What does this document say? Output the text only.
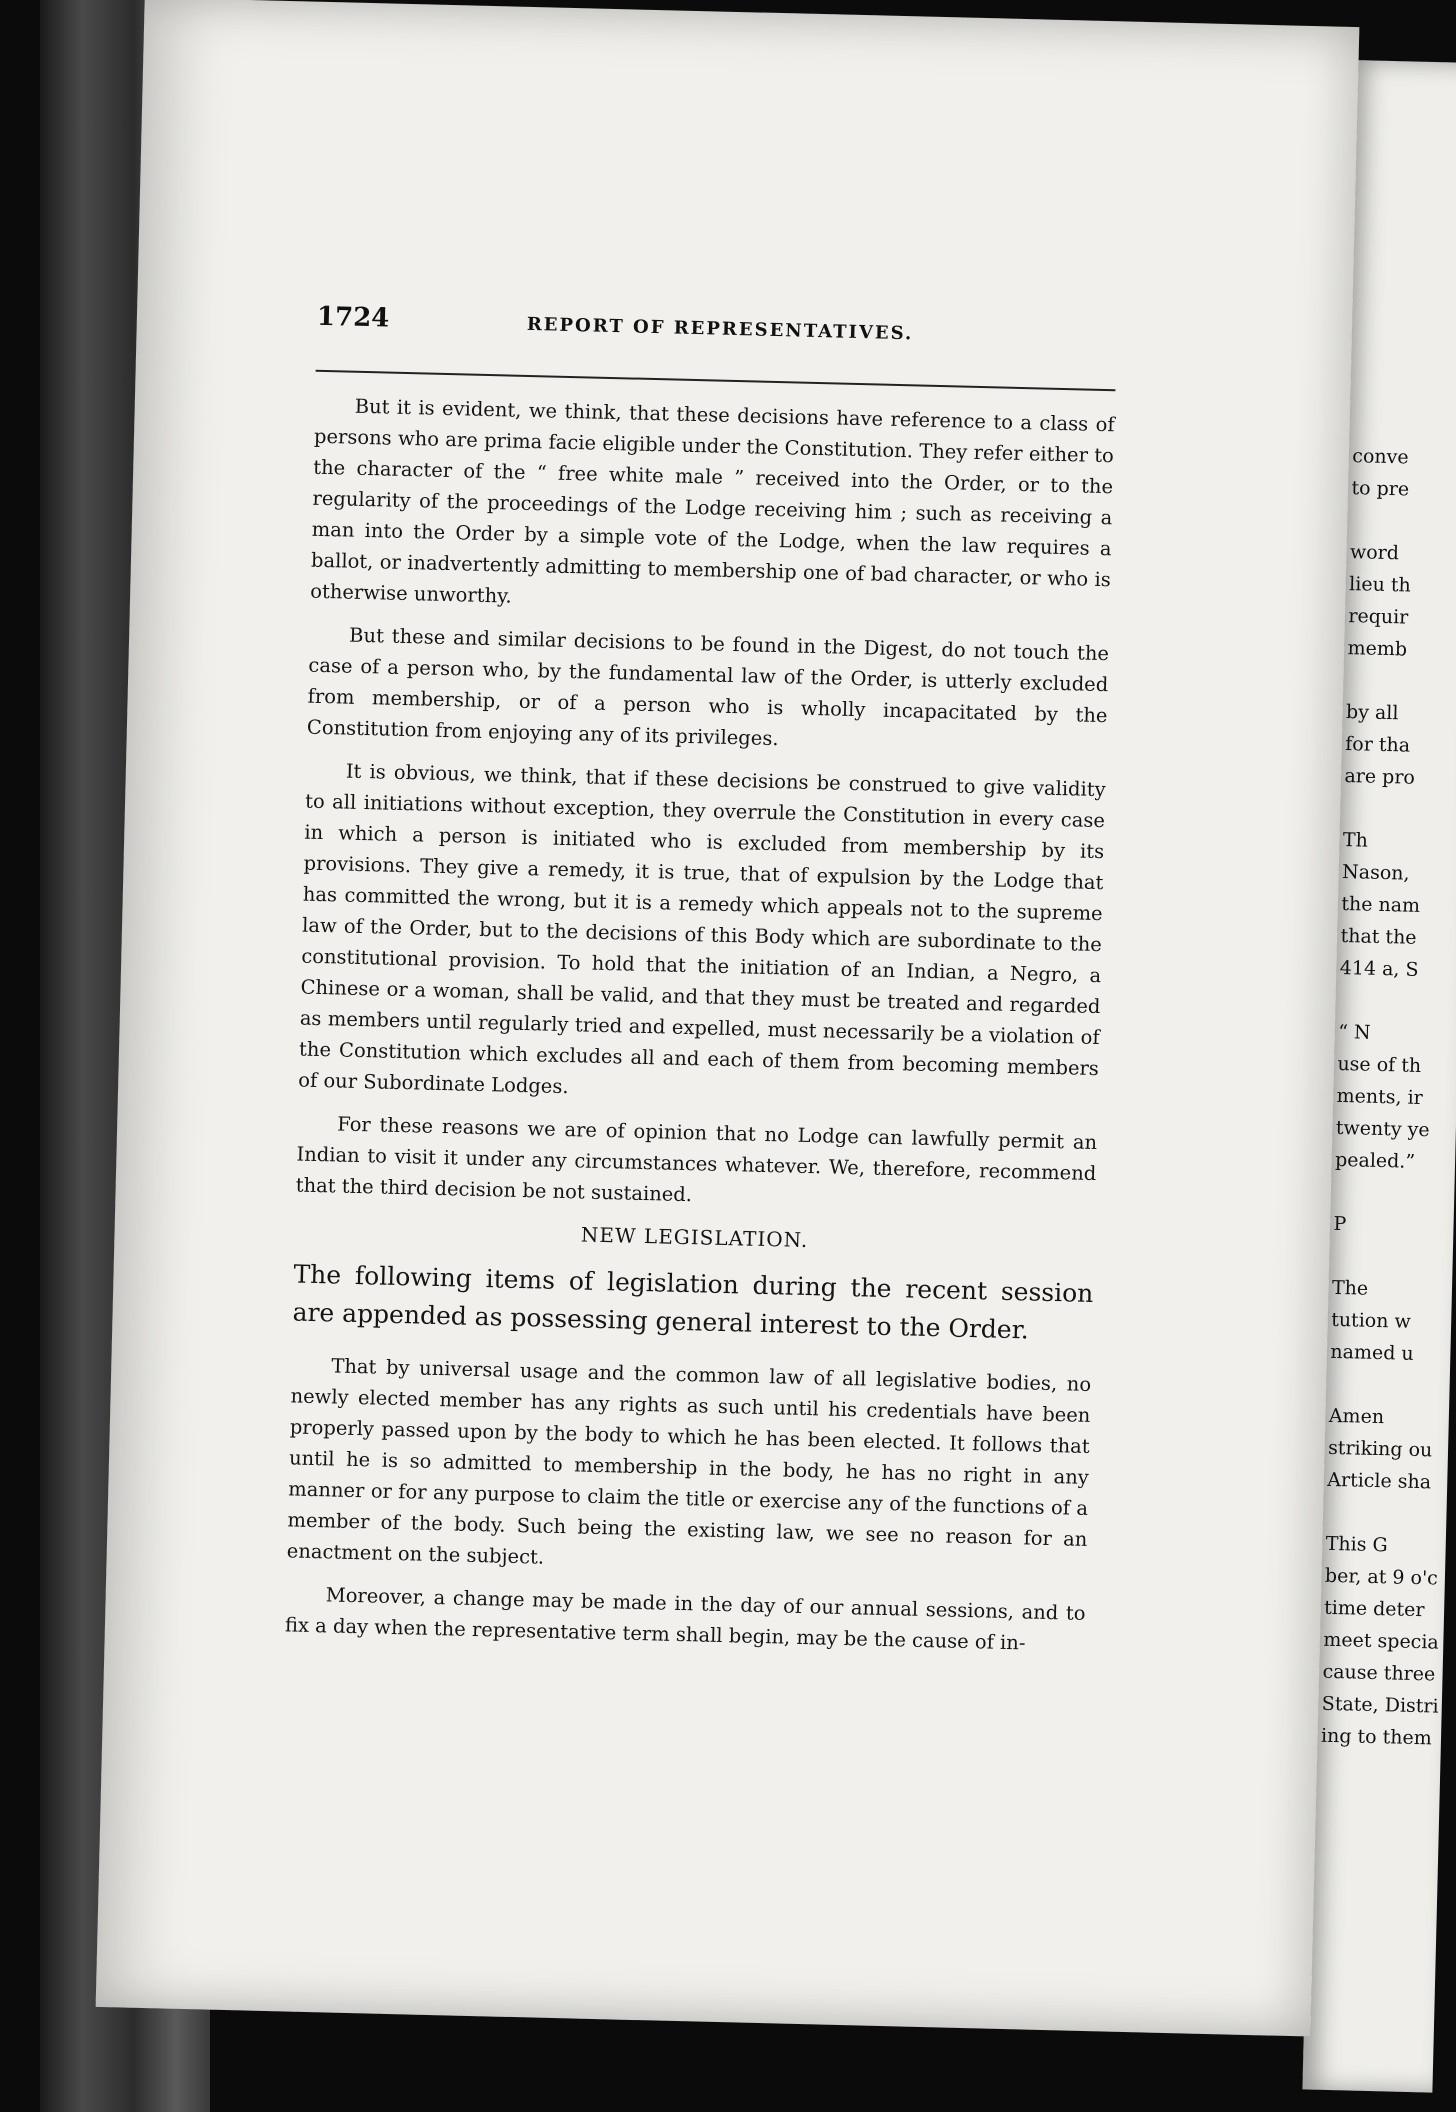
conve
to pre

word
lieu th
requir
memb

by all
for tha
are pro

Th
Nason,
the nam
that the
414 a, S

“ N
use of th
ments, ir
twenty ye
pealed.”

P

The
tution w
named u

Amen
striking ou
Article sha

This G
ber, at 9 o'c
time deter
meet specia
cause three
State, Distri
ing to them
1724	REPORT OF REPRESENTATIVES.

But it is evident, we think, that these decisions have reference to a class of persons who are prima facie eligible under the Constitution. They refer either to the character of the “ free white male ” received into the Order, or to the regularity of the proceedings of the Lodge receiving him ; such as receiving a man into the Order by a simple vote of the Lodge, when the law requires a ballot, or inadvertently admitting to membership one of bad character, or who is otherwise unworthy.

But these and similar decisions to be found in the Digest, do not touch the case of a person who, by the fundamental law of the Order, is utterly excluded from membership, or of a person who is wholly incapacitated by the Constitution from enjoying any of its privileges.

It is obvious, we think, that if these decisions be construed to give validity to all initiations without exception, they overrule the Constitution in every case in which a person is initiated who is excluded from membership by its provisions. They give a remedy, it is true, that of expulsion by the Lodge that has committed the wrong, but it is a remedy which appeals not to the supreme law of the Order, but to the decisions of this Body which are subordinate to the constitutional provision. To hold that the initiation of an Indian, a Negro, a Chinese or a woman, shall be valid, and that they must be treated and regarded as members until regularly tried and expelled, must necessarily be a violation of the Constitution which excludes all and each of them from becoming members of our Subordinate Lodges.

For these reasons we are of opinion that no Lodge can lawfully permit an Indian to visit it under any circumstances whatever. We, therefore, recommend that the third decision be not sustained.

NEW LEGISLATION.

The following items of legislation during the recent session are appended as possessing general interest to the Order.

That by universal usage and the common law of all legislative bodies, no newly elected member has any rights as such until his credentials have been properly passed upon by the body to which he has been elected. It follows that until he is so admitted to membership in the body, he has no right in any manner or for any purpose to claim the title or exercise any of the functions of a member of the body. Such being the existing law, we see no reason for an enactment on the subject.

Moreover, a change may be made in the day of our annual sessions, and to fix a day when the representative term shall begin, may be the cause of in-
